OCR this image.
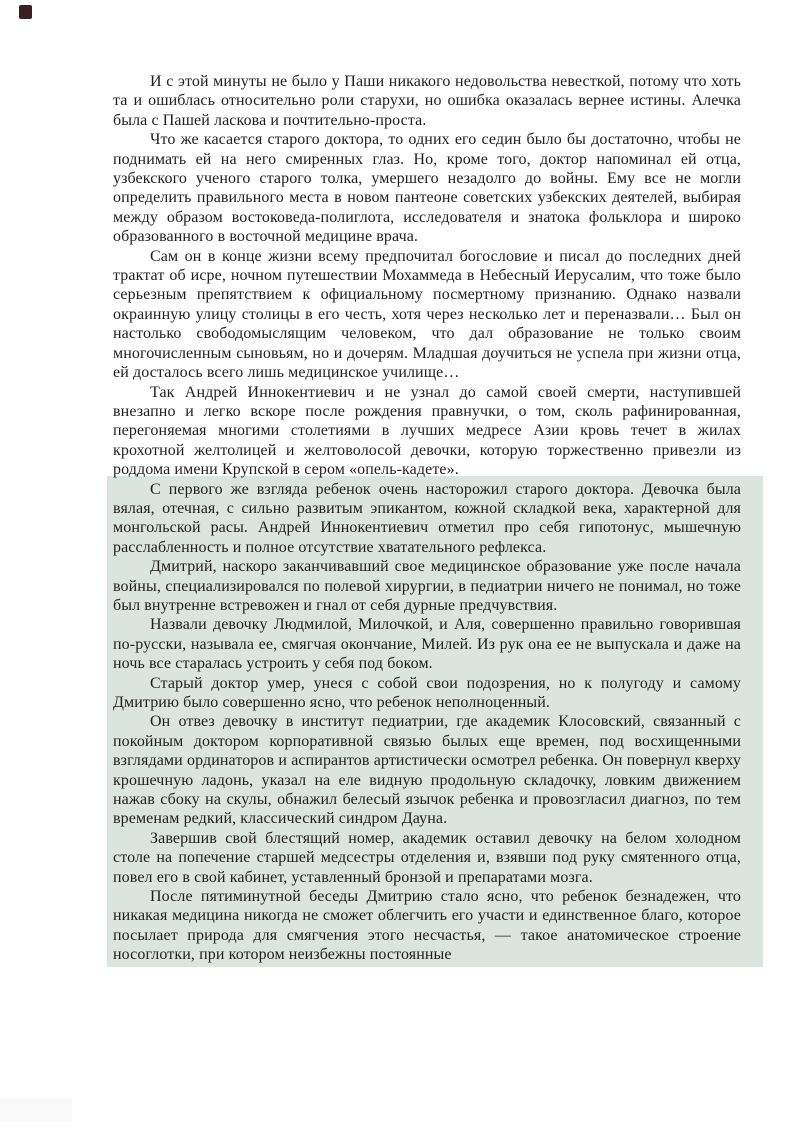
И с этой минуты не было у Паши никакого недовольства невесткой, потому что хоть та и ошиблась относительно роли старухи, но ошибка оказалась вернее истины. Алечка была с Пашей ласкова и почтительно-проста.

Что же касается старого доктора, то одних его седин было бы достаточно, чтобы не поднимать ей на него смиренных глаз. Но, кроме того, доктор напоминал ей отца, узбекского ученого старого толка, умершего незадолго до войны. Ему все не могли определить правильного места в новом пантеоне советских узбекских деятелей, выбирая между образом востоковеда-полиглота, исследователя и знатока фольклора и широко образованного в восточной медицине врача.

Сам он в конце жизни всему предпочитал богословие и писал до последних дней трактат об исре, ночном путешествии Мохаммеда в Небесный Иерусалим, что тоже было серьезным препятствием к официальному посмертному признанию. Однако назвали окраинную улицу столицы в его честь, хотя через несколько лет и переназвали… Был он настолько свободомыслящим человеком, что дал образование не только своим многочисленным сыновьям, но и дочерям. Младшая доучиться не успела при жизни отца, ей досталось всего лишь медицинское училище…

Так Андрей Иннокентиевич и не узнал до самой своей смерти, наступившей внезапно и легко вскоре после рождения правнучки, о том, сколь рафинированная, перегоняемая многими столетиями в лучших медресе Азии кровь течет в жилах крохотной желтолицей и желтоволосой девочки, которую торжественно привезли из роддома имени Крупской в сером «опель-кадете».

С первого же взгляда ребенок очень насторожил старого доктора. Девочка была вялая, отечная, с сильно развитым эпикантом, кожной складкой века, характерной для монгольской расы. Андрей Иннокентиевич отметил про себя гипотонус, мышечную расслабленность и полное отсутствие хватательного рефлекса.

Дмитрий, наскоро заканчивавший свое медицинское образование уже после начала войны, специализировался по полевой хирургии, в педиатрии ничего не понимал, но тоже был внутренне встревожен и гнал от себя дурные предчувствия.

Назвали девочку Людмилой, Милочкой, и Аля, совершенно правильно говорившая по-русски, называла ее, смягчая окончание, Милей. Из рук она ее не выпускала и даже на ночь все старалась устроить у себя под боком.

Старый доктор умер, унеся с собой свои подозрения, но к полугоду и самому Дмитрию было совершенно ясно, что ребенок неполноценный.

Он отвез девочку в институт педиатрии, где академик Клосовский, связанный с покойным доктором корпоративной связью былых еще времен, под восхищенными взглядами ординаторов и аспирантов артистически осмотрел ребенка. Он повернул кверху крошечную ладонь, указал на еле видную продольную складочку, ловким движением нажав сбоку на скулы, обнажил белесый язычок ребенка и провозгласил диагноз, по тем временам редкий, классический синдром Дауна.

Завершив свой блестящий номер, академик оставил девочку на белом холодном столе на попечение старшей медсестры отделения и, взявши под руку смятенного отца, повел его в свой кабинет, уставленный бронзой и препаратами мозга.

После пятиминутной беседы Дмитрию стало ясно, что ребенок безнадежен, что никакая медицина никогда не сможет облегчить его участи и единственное благо, которое посылает природа для смягчения этого несчастья, — такое анатомическое строение носоглотки, при котором неизбежны постоянные
